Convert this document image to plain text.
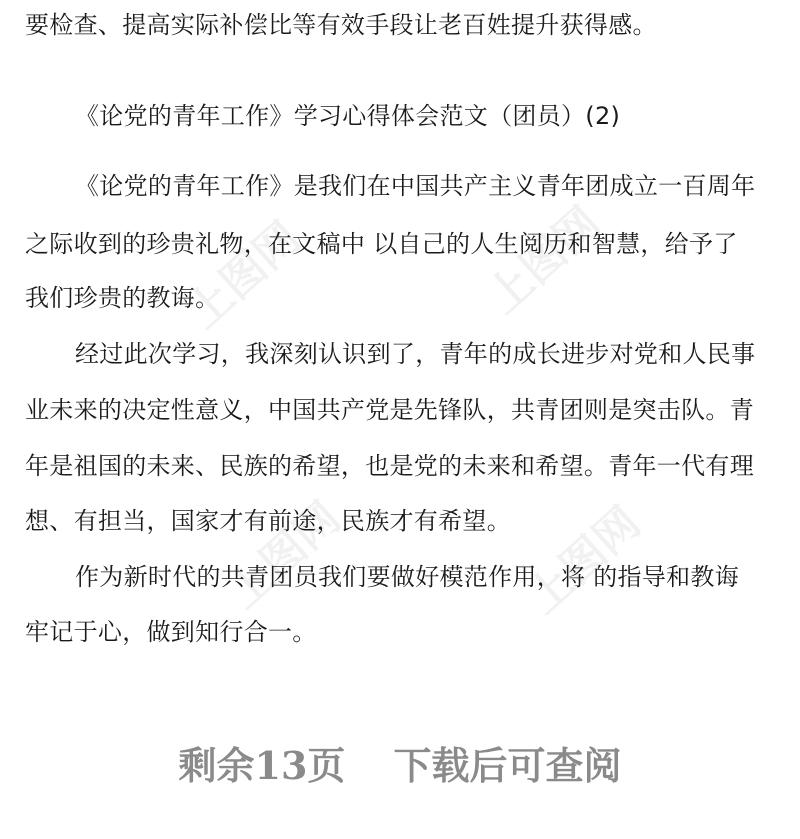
上图网	上图网
上图网	上图网
要检查、提高实际补偿比等有效手段让老百姓提升获得感。
《论党的青年工作》学习心得体会范文（团员）(2)
《论党的青年工作》是我们在中国共产主义青年团成立一百周年
之际收到的珍贵礼物，在文稿中 以自己的人生阅历和智慧，给予了
我们珍贵的教诲。
经过此次学习，我深刻认识到了，青年的成长进步对党和人民事
业未来的决定性意义，中国共产党是先锋队，共青团则是突击队。青
年是祖国的未来、民族的希望，也是党的未来和希望。青年一代有理
想、有担当，国家才有前途，民族才有希望。
作为新时代的共青团员我们要做好模范作用，将 的指导和教诲
牢记于心，做到知行合一。
剩余13页 下载后可查阅
